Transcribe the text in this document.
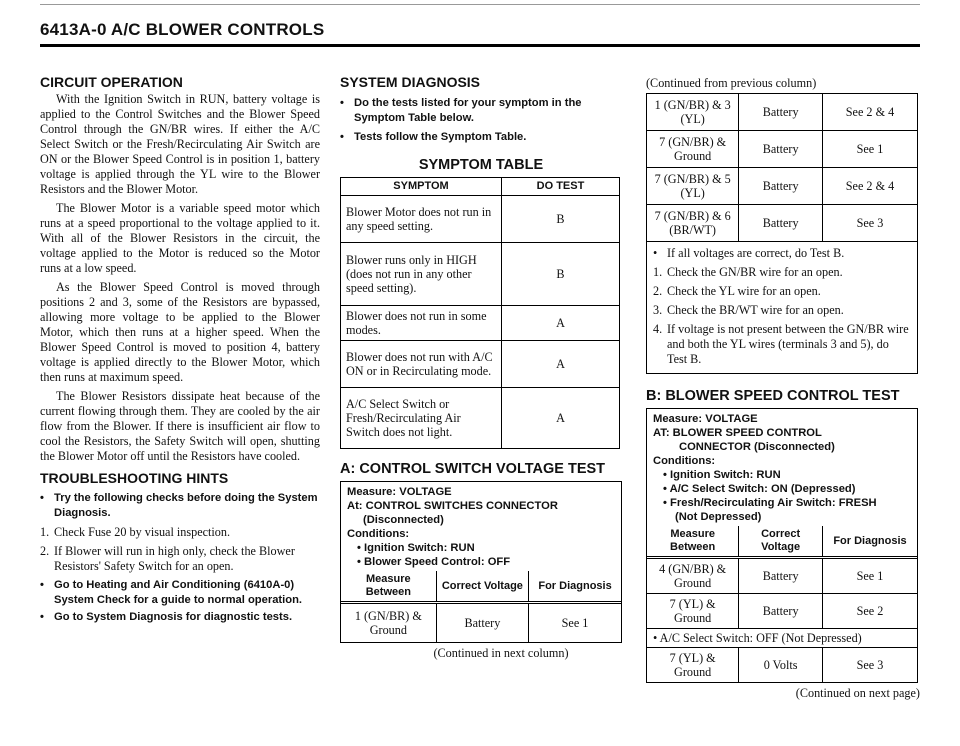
6413A-0 A/C BLOWER CONTROLS
CIRCUIT OPERATION

With the Ignition Switch in RUN, battery voltage is applied to the Control Switches and the Blower Speed Control through the GN/BR wires. If either the A/C Select Switch or the Fresh/Recirculating Air Switch are ON or the Blower Speed Control is in position 1, battery voltage is applied through the YL wire to the Blower Resistors and the Blower Motor.

The Blower Motor is a variable speed motor which runs at a speed proportional to the voltage applied to it. With all of the Blower Resistors in the circuit, the voltage applied to the Motor is reduced so the Motor runs at a low speed.

As the Blower Speed Control is moved through positions 2 and 3, some of the Resistors are bypassed, allowing more voltage to be applied to the Blower Motor, which then runs at a higher speed. When the Blower Speed Control is moved to position 4, battery voltage is applied directly to the Blower Motor, which then runs at maximum speed.

The Blower Resistors dissipate heat because of the current flowing through them. They are cooled by the air flow from the Blower. If there is insufficient air flow to cool the Resistors, the Safety Switch will open, shutting the Blower Motor off until the Resistors have cooled.

TROUBLESHOOTING HINTS
• Try the following checks before doing the System Diagnosis.
1. Check Fuse 20 by visual inspection.
2. If Blower will run in high only, check the Blower Resistors' Safety Switch for an open.
• Go to Heating and Air Conditioning (6410A-0) System Check for a guide to normal operation.
• Go to System Diagnosis for diagnostic tests.
SYSTEM DIAGNOSIS
• Do the tests listed for your symptom in the Symptom Table below.
• Tests follow the Symptom Table.
SYMPTOM TABLE
SYMPTOM	DO TEST
Blower Motor does not run in any speed setting.	B
Blower runs only in HIGH (does not run in any other speed setting).	B
Blower does not run in some modes.	A
Blower does not run with A/C ON or in Recirculating mode.	A
A/C Select Switch or Fresh/Recirculating Air Switch does not light.	A
A: CONTROL SWITCH VOLTAGE TEST
Measure: VOLTAGE
At: CONTROL SWITCHES CONNECTOR
(Disconnected)
Conditions:
• Ignition Switch: RUN
• Blower Speed Control: OFF
Measure Between	Correct Voltage	For Diagnosis
1 (GN/BR) & Ground	Battery	See 1
(Continued in next column)
(Continued from previous column)
1 (GN/BR) & 3 (YL)	Battery	See 2 & 4
7 (GN/BR) & Ground	Battery	See 1
7 (GN/BR) & 5 (YL)	Battery	See 2 & 4
7 (GN/BR) & 6 (BR/WT)	Battery	See 3
• If all voltages are correct, do Test B.
1. Check the GN/BR wire for an open.
2. Check the YL wire for an open.
3. Check the BR/WT wire for an open.
4. If voltage is not present between the GN/BR wire and both the YL wires (terminals 3 and 5), do Test B.
B: BLOWER SPEED CONTROL TEST
Measure: VOLTAGE
AT: BLOWER SPEED CONTROL
CONNECTOR (Disconnected)
Conditions:
• Ignition Switch: RUN
• A/C Select Switch: ON (Depressed)
• Fresh/Recirculating Air Switch: FRESH
(Not Depressed)
Measure Between	Correct Voltage	For Diagnosis
4 (GN/BR) & Ground	Battery	See 1
7 (YL) & Ground	Battery	See 2
• A/C Select Switch: OFF (Not Depressed)		
7 (YL) & Ground	0 Volts	See 3
(Continued on next page)
